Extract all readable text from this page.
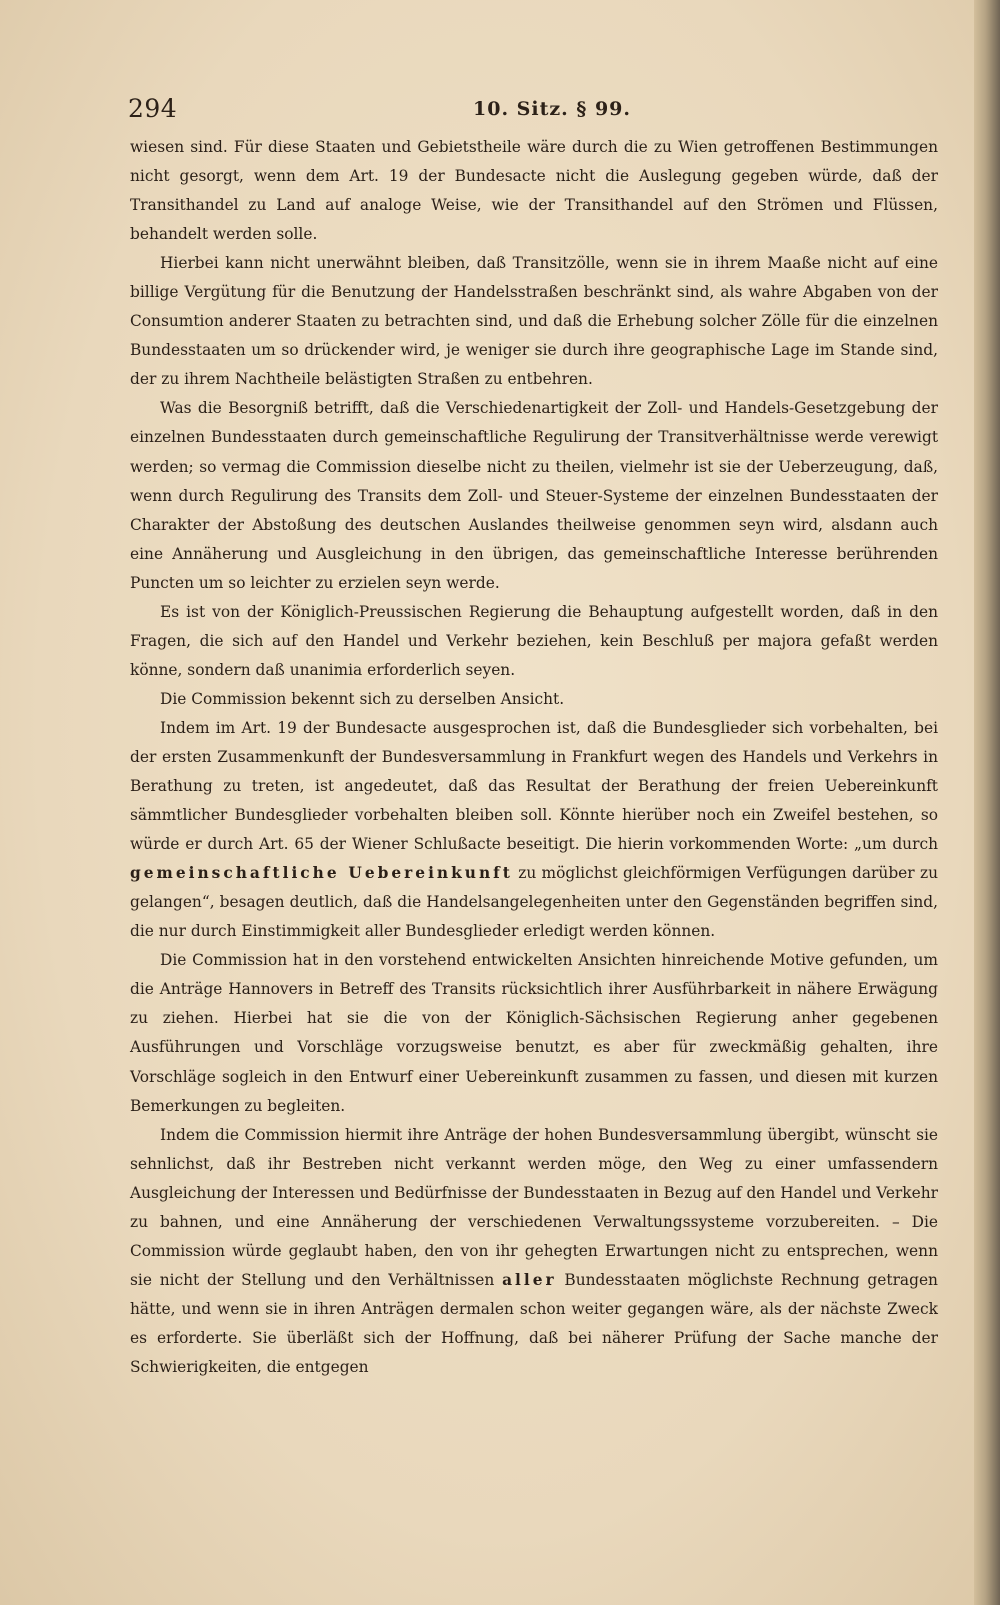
294	10. Sitz. § 99.

wiesen sind. Für diese Staaten und Gebietstheile wäre durch die zu Wien getroffenen Bestimmungen nicht gesorgt, wenn dem Art. 19 der Bundesacte nicht die Auslegung gegeben würde, daß der Transithandel zu Land auf analoge Weise, wie der Transithandel auf den Strömen und Flüssen, behandelt werden solle.

Hierbei kann nicht unerwähnt bleiben, daß Transitzölle, wenn sie in ihrem Maaße nicht auf eine billige Vergütung für die Benutzung der Handelsstraßen beschränkt sind, als wahre Abgaben von der Consumtion anderer Staaten zu betrachten sind, und daß die Erhebung solcher Zölle für die einzelnen Bundesstaaten um so drückender wird, je weniger sie durch ihre geographische Lage im Stande sind, der zu ihrem Nachtheile belästigten Straßen zu entbehren.

Was die Besorgniß betrifft, daß die Verschiedenartigkeit der Zoll- und Handels-Gesetzgebung der einzelnen Bundesstaaten durch gemeinschaftliche Regulirung der Transitverhältnisse werde verewigt werden; so vermag die Commission dieselbe nicht zu theilen, vielmehr ist sie der Ueberzeugung, daß, wenn durch Regulirung des Transits dem Zoll- und Steuer-Systeme der einzelnen Bundesstaaten der Charakter der Abstoßung des deutschen Auslandes theilweise genommen seyn wird, alsdann auch eine Annäherung und Ausgleichung in den übrigen, das gemeinschaftliche Interesse berührenden Puncten um so leichter zu erzielen seyn werde.

Es ist von der Königlich-Preussischen Regierung die Behauptung aufgestellt worden, daß in den Fragen, die sich auf den Handel und Verkehr beziehen, kein Beschluß per majora gefaßt werden könne, sondern daß unanimia erforderlich seyen.

Die Commission bekennt sich zu derselben Ansicht.

Indem im Art. 19 der Bundesacte ausgesprochen ist, daß die Bundesglieder sich vorbehalten, bei der ersten Zusammenkunft der Bundesversammlung in Frankfurt wegen des Handels und Verkehrs in Berathung zu treten, ist angedeutet, daß das Resultat der Berathung der freien Uebereinkunft sämmtlicher Bundesglieder vorbehalten bleiben soll. Könnte hierüber noch ein Zweifel bestehen, so würde er durch Art. 65 der Wiener Schlußacte beseitigt. Die hierin vorkommenden Worte: „um durch gemeinschaftliche Uebereinkunft zu möglichst gleichförmigen Verfügungen darüber zu gelangen“, besagen deutlich, daß die Handelsangelegenheiten unter den Gegenständen begriffen sind, die nur durch Einstimmigkeit aller Bundesglieder erledigt werden können.

Die Commission hat in den vorstehend entwickelten Ansichten hinreichende Motive gefunden, um die Anträge Hannovers in Betreff des Transits rücksichtlich ihrer Ausführbarkeit in nähere Erwägung zu ziehen. Hierbei hat sie die von der Königlich-Sächsischen Regierung anher gegebenen Ausführungen und Vorschläge vorzugsweise benutzt, es aber für zweckmäßig gehalten, ihre Vorschläge sogleich in den Entwurf einer Uebereinkunft zusammen zu fassen, und diesen mit kurzen Bemerkungen zu begleiten.

Indem die Commission hiermit ihre Anträge der hohen Bundesversammlung übergibt, wünscht sie sehnlichst, daß ihr Bestreben nicht verkannt werden möge, den Weg zu einer umfassendern Ausgleichung der Interessen und Bedürfnisse der Bundesstaaten in Bezug auf den Handel und Verkehr zu bahnen, und eine Annäherung der verschiedenen Verwaltungssysteme vorzubereiten. – Die Commission würde geglaubt haben, den von ihr gehegten Erwartungen nicht zu entsprechen, wenn sie nicht der Stellung und den Verhältnissen aller Bundesstaaten möglichste Rechnung getragen hätte, und wenn sie in ihren Anträgen dermalen schon weiter gegangen wäre, als der nächste Zweck es erforderte. Sie überläßt sich der Hoffnung, daß bei näherer Prüfung der Sache manche der Schwierigkeiten, die entgegen
